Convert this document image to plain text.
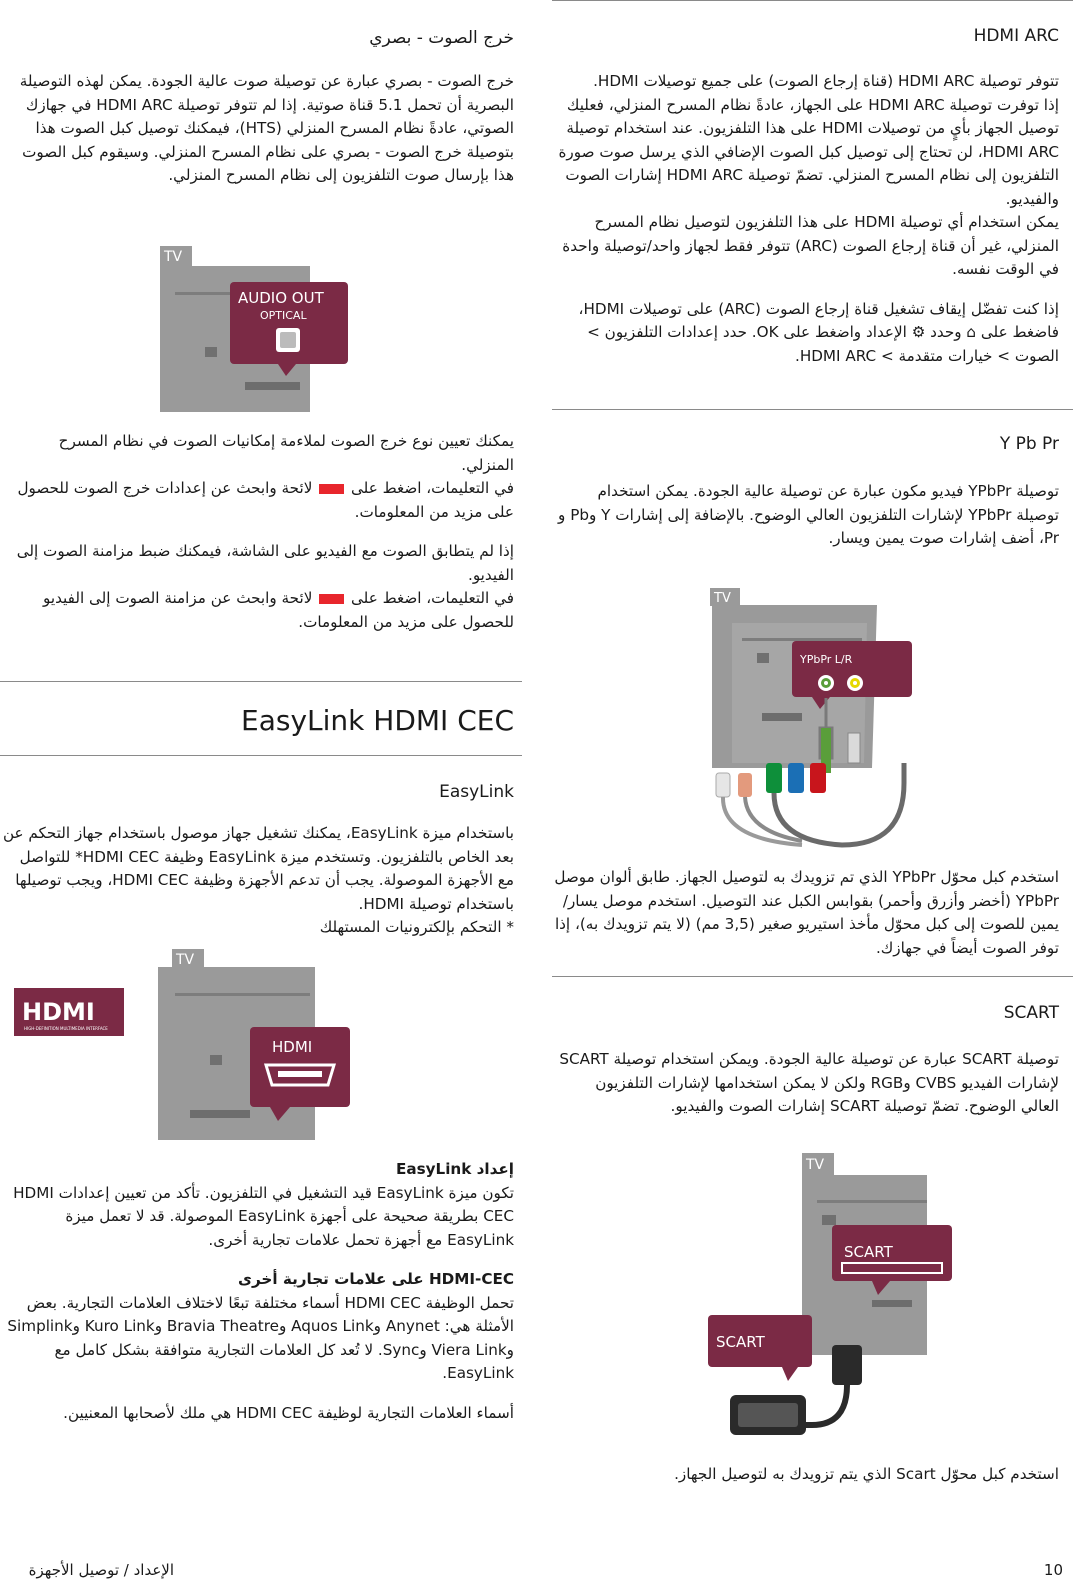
HDMI ARC

تتوفر توصيلة HDMI ARC (قناة إرجاع الصوت) على جميع توصيلات HDMI.

إذا توفرت توصيلة HDMI ARC على الجهاز، عادةً نظام المسرح المنزلي، فعليك توصيل الجهاز بأيٍ من توصيلات HDMI على هذا التلفزيون. عند استخدام توصيلة HDMI ARC، لن تحتاج إلى توصيل كبل الصوت الإضافي الذي يرسل صوت صورة التلفزيون إلى نظام المسرح المنزلي. تضمّ توصيلة HDMI ARC إشارات الصوت والفيديو.

يمكن استخدام أي توصيلة HDMI على هذا التلفزيون لتوصيل نظام المسرح المنزلي، غير أن قناة إرجاع الصوت (ARC) تتوفر فقط لجهاز واحد/توصيلة واحدة في الوقت نفسه.

إذا كنت تفضّل إيقاف تشغيل قناة إرجاع الصوت (ARC) على توصيلات HDMI، فاضغط على ⌂ وحدد ⚙ الإعداد واضغط على OK. حدد إعدادات التلفزيون > الصوت > خيارات متقدمة > HDMI ARC.

Y Pb Pr

توصيلة YPbPr فيديو مكون عبارة عن توصيلة عالية الجودة. يمكن استخدام توصيلة YPbPr لإشارات التلفزيون العالي الوضوح. بالإضافة إلى إشارات Y وPb و Pr، أضف إشارات صوت يمين ويسار.

TV
YPbPr L/R

استخدم كبل محوّل YPbPr الذي تم تزويدك به لتوصيل الجهاز. طابق ألوان موصل YPbPr (أخضر وأزرق وأحمر) بقوابس الكبل عند التوصيل. استخدم موصل يسار/يمين للصوت إلى كبل محوّل مأخذ استيريو صغير (3,5 مم) (لا يتم تزويدك به)، إذا توفر الصوت أيضاً في جهازك.

SCART

توصيلة SCART عبارة عن توصيلة عالية الجودة. ويمكن استخدام توصيلة SCART لإشارات الفيديو CVBS وRGB ولكن لا يمكن استخدامها لإشارات التلفزيون العالي الوضوح. تضمّ توصيلة SCART إشارات الصوت والفيديو.

TV
SCART
SCART

استخدم كبل محوّل Scart الذي يتم تزويدك به لتوصيل الجهاز.

10
خرج الصوت - بصري

خرج الصوت - بصري عبارة عن توصيلة صوت عالية الجودة. يمكن لهذه التوصيلة البصرية أن تحمل 5.1 قناة صوتية. إذا لم تتوفر توصيلة HDMI ARC في جهازك الصوتي، عادةً نظام المسرح المنزلي (HTS)، فيمكنك توصيل كبل الصوت هذا بتوصيلة خرج الصوت - بصري على نظام المسرح المنزلي. وسيقوم كبل الصوت هذا بإرسال صوت التلفزيون إلى نظام المسرح المنزلي.

TV
AUDIO OUT
OPTICAL

يمكنك تعيين نوع خرج الصوت لملاءمة إمكانيات الصوت في نظام المسرح المنزلي.

في التعليمات، اضغط على  لائحة وابحث عن إعدادات خرج الصوت للحصول على مزيد من المعلومات.

إذا لم يتطابق الصوت مع الفيديو على الشاشة، فيمكنك ضبط مزامنة الصوت إلى الفيديو.

في التعليمات، اضغط على  لائحة وابحث عن مزامنة الصوت إلى الفيديو للحصول على مزيد من المعلومات.

EasyLink HDMI CEC
EasyLink

باستخدام ميزة EasyLink، يمكنك تشغيل جهاز موصول باستخدام جهاز التحكم عن بعد الخاص بالتلفزيون. وتستخدم ميزة EasyLink وظيفة HDMI CEC* للتواصل مع الأجهزة الموصولة. يجب أن تدعم الأجهزة وظيفة HDMI CEC، ويجب توصيلها باستخدام توصيلة HDMI.

* التحكم بإلكترونيات المستهلك

HDMI
HIGH-DEFINITION MULTIMEDIA INTERFACE
TV
HDMI

إعداد EasyLink

تكون ميزة EasyLink قيد التشغيل في التلفزيون. تأكد من تعيين إعدادات HDMI CEC بطريقة صحيحة على أجهزة EasyLink الموصولة. قد لا تعمل ميزة EasyLink مع أجهزة تحمل علامات تجارية أخرى.

HDMI-CEC على علامات تجارية أخرى

تحمل الوظيفة HDMI CEC أسماء مختلفة تبعًا لاختلاف العلامات التجارية. بعض الأمثلة هي: Anynet وAquos Link وBravia Theatre وKuro Link وSimplink وViera Link وSync. لا تُعد كل العلامات التجارية متوافقة بشكل كامل مع EasyLink.

أسماء العلامات التجارية لوظيفة HDMI CEC هي ملك لأصحابها المعنيين.

الإعداد / توصيل الأجهزة
